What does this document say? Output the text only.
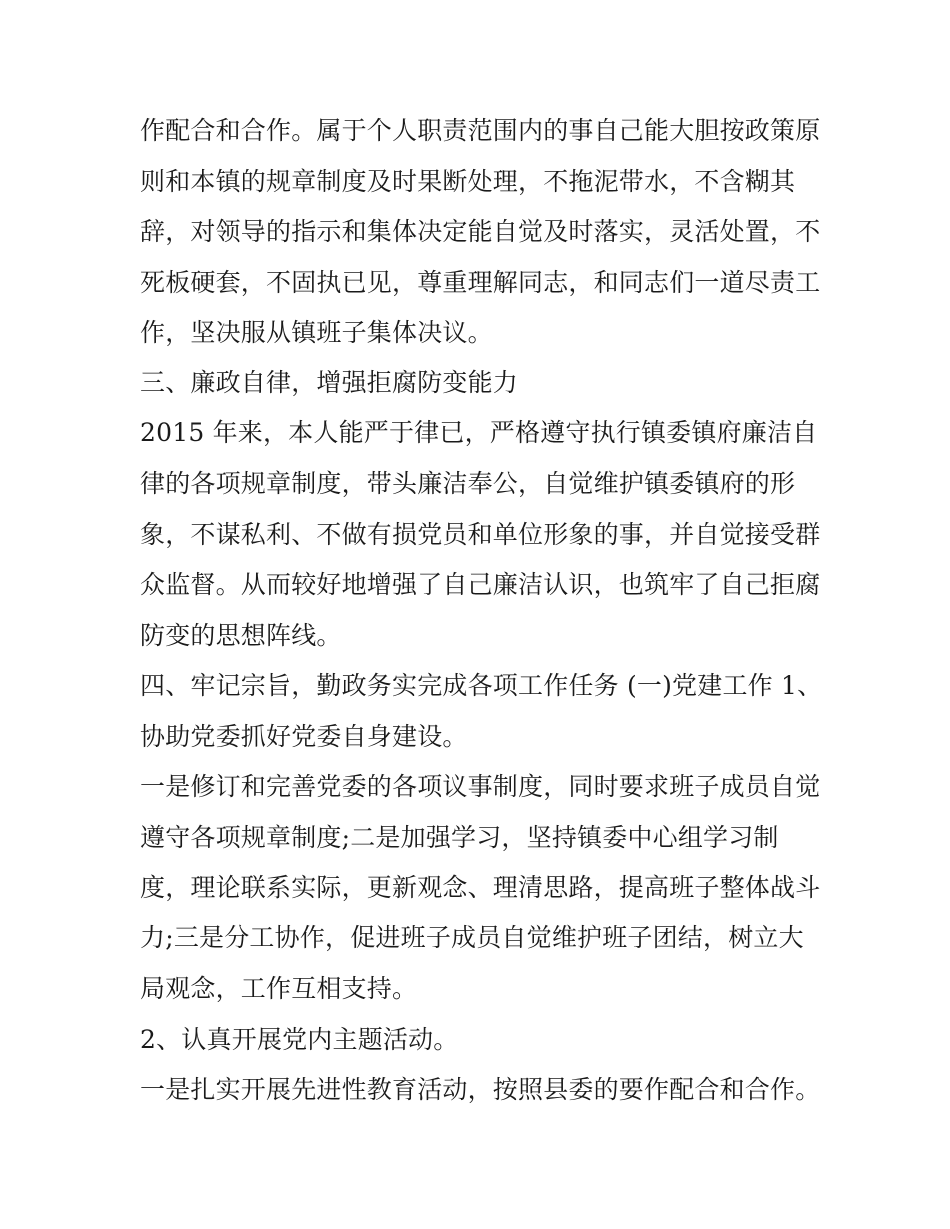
作配合和合作。属于个人职责范围内的事自己能大胆按政策原
则和本镇的规章制度及时果断处理，不拖泥带水，不含糊其
辞，对领导的指示和集体决定能自觉及时落实，灵活处置，不
死板硬套，不固执已见，尊重理解同志，和同志们一道尽责工
作，坚决服从镇班子集体决议。
三、廉政自律，增强拒腐防变能力
2015 年来，本人能严于律已，严格遵守执行镇委镇府廉洁自
律的各项规章制度，带头廉洁奉公，自觉维护镇委镇府的形
象，不谋私利、不做有损党员和单位形象的事，并自觉接受群
众监督。从而较好地增强了自己廉洁认识，也筑牢了自己拒腐
防变的思想阵线。
四、牢记宗旨，勤政务实完成各项工作任务 (一)党建工作 1、
协助党委抓好党委自身建设。
一是修订和完善党委的各项议事制度，同时要求班子成员自觉
遵守各项规章制度;二是加强学习，坚持镇委中心组学习制
度，理论联系实际，更新观念、理清思路，提高班子整体战斗
力;三是分工协作，促进班子成员自觉维护班子团结，树立大
局观念，工作互相支持。
2、认真开展党内主题活动。
一是扎实开展先进性教育活动，按照县委的要作配合和合作。
